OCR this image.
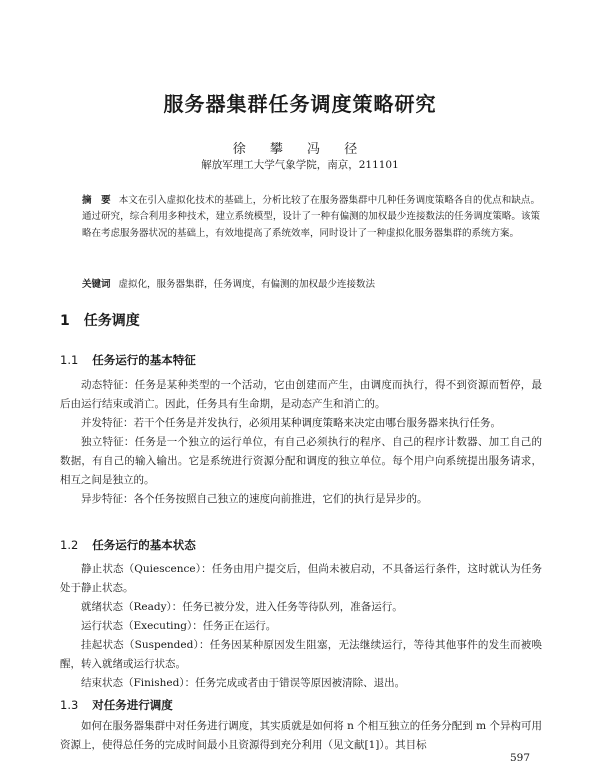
服务器集群任务调度策略研究
徐 攀 冯 径
解放军理工大学气象学院，南京，211101
摘　要 本文在引入虚拟化技术的基础上，分析比较了在服务器集群中几种任务调度策略各自的优点和缺点。通过研究，综合利用多种技术，建立系统模型，设计了一种有偏测的加权最少连接数法的任务调度策略。该策略在考虑服务器状况的基础上，有效地提高了系统效率，同时设计了一种虚拟化服务器集群的系统方案。
关键词 虚拟化，服务器集群，任务调度，有偏测的加权最少连接数法
1 任务调度
1.1 任务运行的基本特征

动态特征：任务是某种类型的一个活动，它由创建而产生，由调度而执行，得不到资源而暂停，最后由运行结束或消亡。因此，任务具有生命期，是动态产生和消亡的。

并发特征：若干个任务是并发执行，必须用某种调度策略来决定由哪台服务器来执行任务。

独立特征：任务是一个独立的运行单位，有自己必须执行的程序、自己的程序计数器、加工自己的数据，有自己的输入输出。它是系统进行资源分配和调度的独立单位。每个用户向系统提出服务请求，相互之间是独立的。

异步特征：各个任务按照自己独立的速度向前推进，它们的执行是异步的。

1.2 任务运行的基本状态

静止状态（Quiescence）：任务由用户提交后，但尚未被启动，不具备运行条件，这时就认为任务处于静止状态。

就绪状态（Ready）：任务已被分发，进入任务等待队列，准备运行。

运行状态（Executing）：任务正在运行。

挂起状态（Suspended）：任务因某种原因发生阻塞，无法继续运行，等待其他事件的发生而被唤醒，转入就绪或运行状态。

结束状态（Finished）：任务完成或者由于错误等原因被清除、退出。

1.3 对任务进行调度

如何在服务器集群中对任务进行调度，其实质就是如何将 n 个相互独立的任务分配到 m 个异构可用资源上，使得总任务的完成时间最小且资源得到充分利用（见文献[1]）。其目标

597
